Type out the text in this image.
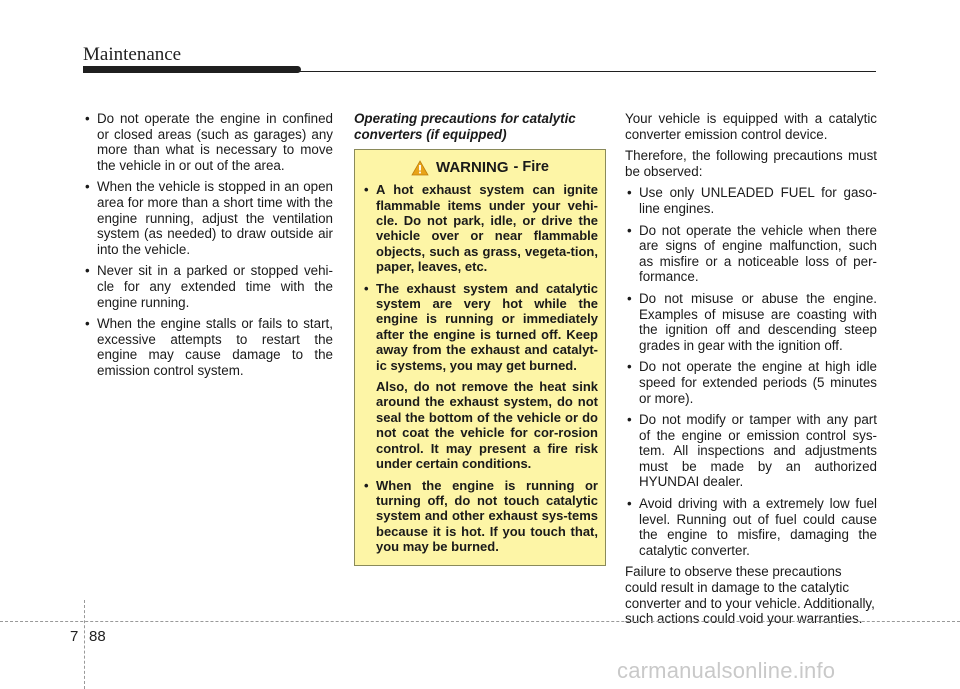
Maintenance
• Do not operate the engine in confined or closed areas (such as garages) any more than what is necessary to move the vehicle in or out of the area.
• When the vehicle is stopped in an open area for more than a short time with the engine running, adjust the ventilation system (as needed) to draw outside air into the vehicle.
• Never sit in a parked or stopped vehi-cle for any extended time with the engine running.
• When the engine stalls or fails to start, excessive attempts to restart the engine may cause damage to the emission control system.
Operating precautions for catalytic converters (if equipped)
WARNING - Fire
• A hot exhaust system can ignite flammable items under your vehi-cle. Do not park, idle, or drive the vehicle over or near flammable objects, such as grass, vegeta-tion, paper, leaves, etc.
• The exhaust system and catalytic system are very hot while the engine is running or immediately after the engine is turned off. Keep away from the exhaust and catalyt-ic systems, you may get burned.

Also, do not remove the heat sink around the exhaust system, do not seal the bottom of the vehicle or do not coat the vehicle for cor-rosion control. It may present a fire risk under certain conditions.

• When the engine is running or turning off, do not touch catalytic system and other exhaust sys-tems because it is hot. If you touch that, you may be burned.

Your vehicle is equipped with a catalytic converter emission control device.

Therefore, the following precautions must be observed:

• Use only UNLEADED FUEL for gaso-line engines.
• Do not operate the vehicle when there are signs of engine malfunction, such as misfire or a noticeable loss of per-formance.
• Do not misuse or abuse the engine. Examples of misuse are coasting with the ignition off and descending steep grades in gear with the ignition off.
• Do not operate the engine at high idle speed for extended periods (5 minutes or more).
• Do not modify or tamper with any part of the engine or emission control sys-tem. All inspections and adjustments must be made by an authorized HYUNDAI dealer.
• Avoid driving with a extremely low fuel level. Running out of fuel could cause the engine to misfire, damaging the catalytic converter.

Failure to observe these precautions could result in damage to the catalytic converter and to your vehicle. Additionally, such actions could void your warranties.

7 88
carmanualsonline.info
